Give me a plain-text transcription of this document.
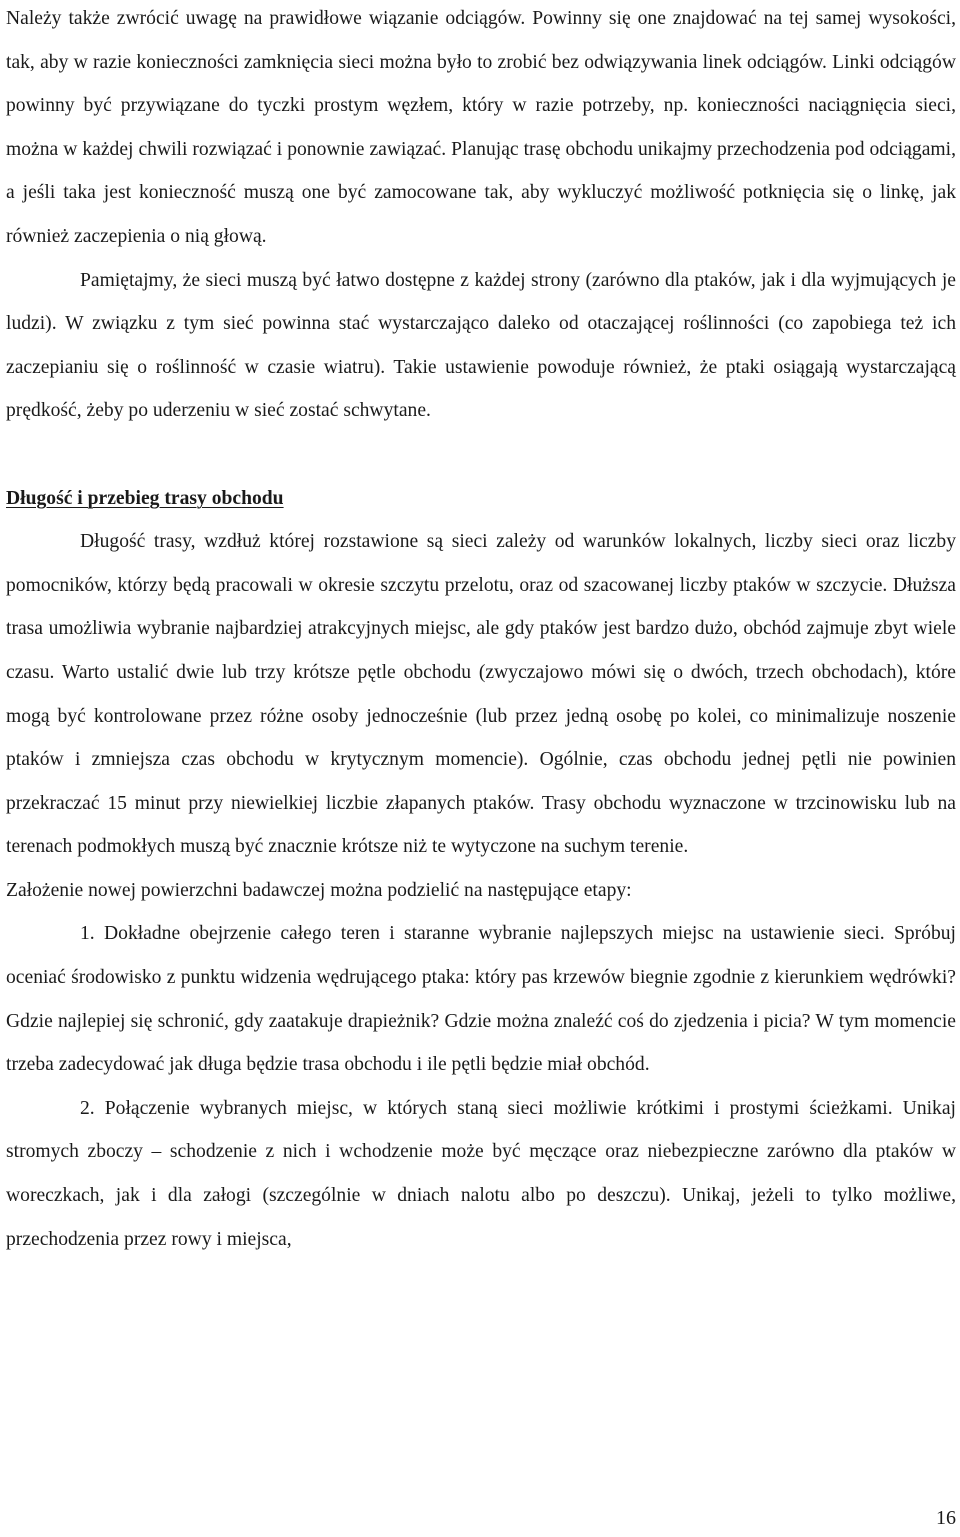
Należy także zwrócić uwagę na prawidłowe wiązanie odciągów. Powinny się one znajdować na tej samej wysokości, tak, aby w razie konieczności zamknięcia sieci można było to zrobić bez odwiązywania linek odciągów. Linki odciągów powinny być przywiązane do tyczki prostym węzłem, który w razie potrzeby, np. konieczności naciągnięcia sieci, można w każdej chwili rozwiązać i ponownie zawiązać. Planując trasę obchodu unikajmy przechodzenia pod odciągami, a jeśli taka jest konieczność muszą one być zamocowane tak, aby wykluczyć możliwość potknięcia się o linkę, jak również zaczepienia o nią głową.

Pamiętajmy, że sieci muszą być łatwo dostępne z każdej strony (zarówno dla ptaków, jak i dla wyjmujących je ludzi). W związku z tym sieć powinna stać wystarczająco daleko od otaczającej roślinności (co zapobiega też ich zaczepianiu się o roślinność w czasie wiatru). Takie ustawienie powoduje również, że ptaki osiągają wystarczającą prędkość, żeby po uderzeniu w sieć zostać schwytane.

Długość i przebieg trasy obchodu

Długość trasy, wzdłuż której rozstawione są sieci zależy od warunków lokalnych, liczby sieci oraz liczby pomocników, którzy będą pracowali w okresie szczytu przelotu, oraz od szacowanej liczby ptaków w szczycie. Dłuższa trasa umożliwia wybranie najbardziej atrakcyjnych miejsc, ale gdy ptaków jest bardzo dużo, obchód zajmuje zbyt wiele czasu. Warto ustalić dwie lub trzy krótsze pętle obchodu (zwyczajowo mówi się o dwóch, trzech obchodach), które mogą być kontrolowane przez różne osoby jednocześnie (lub przez jedną osobę po kolei, co minimalizuje noszenie ptaków i zmniejsza czas obchodu w krytycznym momencie). Ogólnie, czas obchodu jednej pętli nie powinien przekraczać 15 minut przy niewielkiej liczbie złapanych ptaków. Trasy obchodu wyznaczone w trzcinowisku lub na terenach podmokłych muszą być znacznie krótsze niż te wytyczone na suchym terenie.

Założenie nowej powierzchni badawczej można podzielić na następujące etapy:

1. Dokładne obejrzenie całego teren i staranne wybranie najlepszych miejsc na ustawienie sieci. Spróbuj oceniać środowisko z punktu widzenia wędrującego ptaka: który pas krzewów biegnie zgodnie z kierunkiem wędrówki? Gdzie najlepiej się schronić, gdy zaatakuje drapieżnik? Gdzie można znaleźć coś do zjedzenia i picia? W tym momencie trzeba zadecydować jak długa będzie trasa obchodu i ile pętli będzie miał obchód.

2. Połączenie wybranych miejsc, w których staną sieci możliwie krótkimi i prostymi ścieżkami. Unikaj stromych zboczy – schodzenie z nich i wchodzenie może być męczące oraz niebezpieczne zarówno dla ptaków w woreczkach, jak i dla załogi (szczególnie w dniach nalotu albo po deszczu). Unikaj, jeżeli to tylko możliwe, przechodzenia przez rowy i miejsca,

16
